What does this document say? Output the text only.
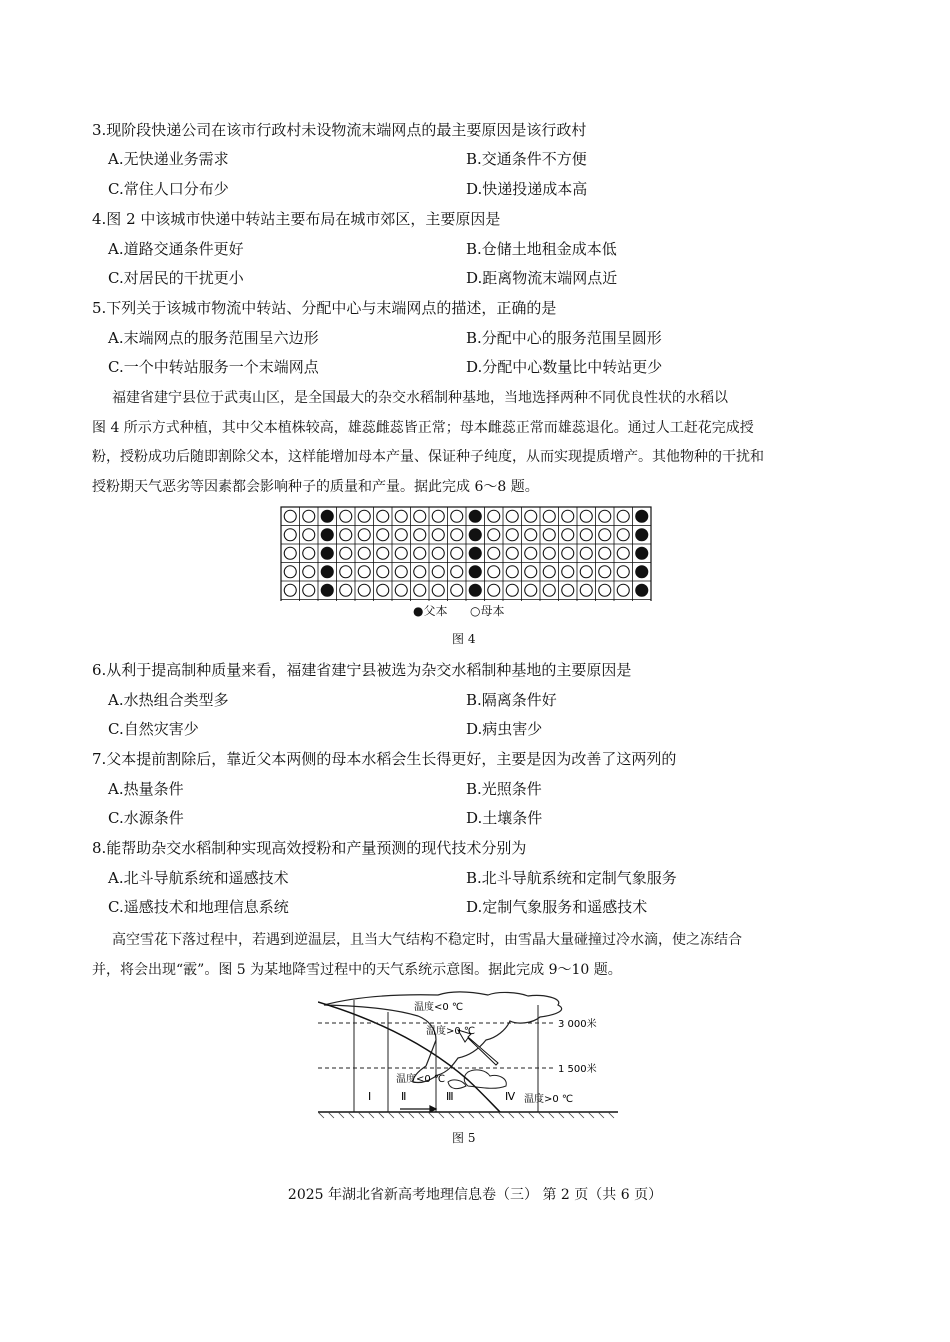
3.现阶段快递公司在该市行政村未设物流末端网点的最主要原因是该行政村
A.无快递业务需求	B.交通条件不方便
C.常住人口分布少	D.快递投递成本高
4.图 2 中该城市快递中转站主要布局在城市郊区，主要原因是
A.道路交通条件更好	B.仓储土地租金成本低
C.对居民的干扰更小	D.距离物流末端网点近
5.下列关于该城市物流中转站、分配中心与末端网点的描述，正确的是
A.末端网点的服务范围呈六边形	B.分配中心的服务范围呈圆形
C.一个中转站服务一个末端网点	D.分配中心数量比中转站更少
福建省建宁县位于武夷山区，是全国最大的杂交水稻制种基地，当地选择两种不同优良性状的水稻以
图 4 所示方式种植，其中父本植株较高，雄蕊雌蕊皆正常；母本雌蕊正常而雄蕊退化。通过人工赶花完成授
粉，授粉成功后随即割除父本，这样能增加母本产量、保证种子纯度，从而实现提质增产。其他物种的干扰和
授粉期天气恶劣等因素都会影响种子的质量和产量。据此完成 6～8 题。
●父本 ○母本
图 4
6.从利于提高制种质量来看，福建省建宁县被选为杂交水稻制种基地的主要原因是
A.水热组合类型多	B.隔离条件好
C.自然灾害少	D.病虫害少
7.父本提前割除后，靠近父本两侧的母本水稻会生长得更好，主要是因为改善了这两列的
A.热量条件	B.光照条件
C.水源条件	D.土壤条件
8.能帮助杂交水稻制种实现高效授粉和产量预测的现代技术分别为
A.北斗导航系统和遥感技术	B.北斗导航系统和定制气象服务
C.遥感技术和地理信息系统	D.定制气象服务和遥感技术
高空雪花下落过程中，若遇到逆温层，且当大气结构不稳定时，由雪晶大量碰撞过冷水滴，使之冻结合
并，将会出现“霰”。图 5 为某地降雪过程中的天气系统示意图。据此完成 9～10 题。
温度<0 ℃
温度>0 ℃
温度<0 ℃
温度>0 ℃
3 000米
1 500米
Ⅰ	Ⅱ	Ⅲ	Ⅳ
图 5
2025 年湖北省新高考地理信息卷（三） 第 2 页（共 6 页）
